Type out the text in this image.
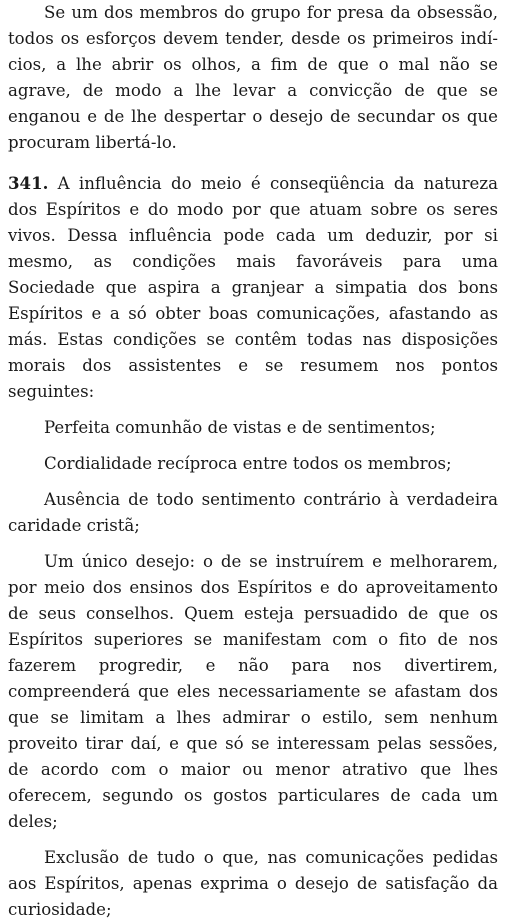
Se um dos membros do grupo for presa da obsessão, todos os esforços devem tender, desde os primeiros indícios, a lhe abrir os olhos, a fim de que o mal não se agrave, de modo a lhe levar a convicção de que se enganou e de lhe despertar o desejo de secundar os que procuram libertá-lo.

341. A influência do meio é conseqüência da natureza dos Espíritos e do modo por que atuam sobre os seres vivos. Dessa influência pode cada um deduzir, por si mesmo, as condições mais favoráveis para uma Sociedade que aspira a granjear a simpatia dos bons Espíritos e a só obter boas comunicações, afastando as más. Estas condições se contêm todas nas disposições morais dos assistentes e se resumem nos pontos seguintes:

Perfeita comunhão de vistas e de sentimentos;

Cordialidade recíproca entre todos os membros;

Ausência de todo sentimento contrário à verdadeira caridade cristã;

Um único desejo: o de se instruírem e melhorarem, por meio dos ensinos dos Espíritos e do aproveitamento de seus conselhos. Quem esteja persuadido de que os Espíritos superiores se manifestam com o fito de nos fazerem progredir, e não para nos divertirem, compreenderá que eles necessariamente se afastam dos que se limitam a lhes admirar o estilo, sem nenhum proveito tirar daí, e que só se interessam pelas sessões, de acordo com o maior ou menor atrativo que lhes oferecem, segundo os gostos particulares de cada um deles;

Exclusão de tudo o que, nas comunicações pedidas aos Espíritos, apenas exprima o desejo de satisfação da curiosidade;
